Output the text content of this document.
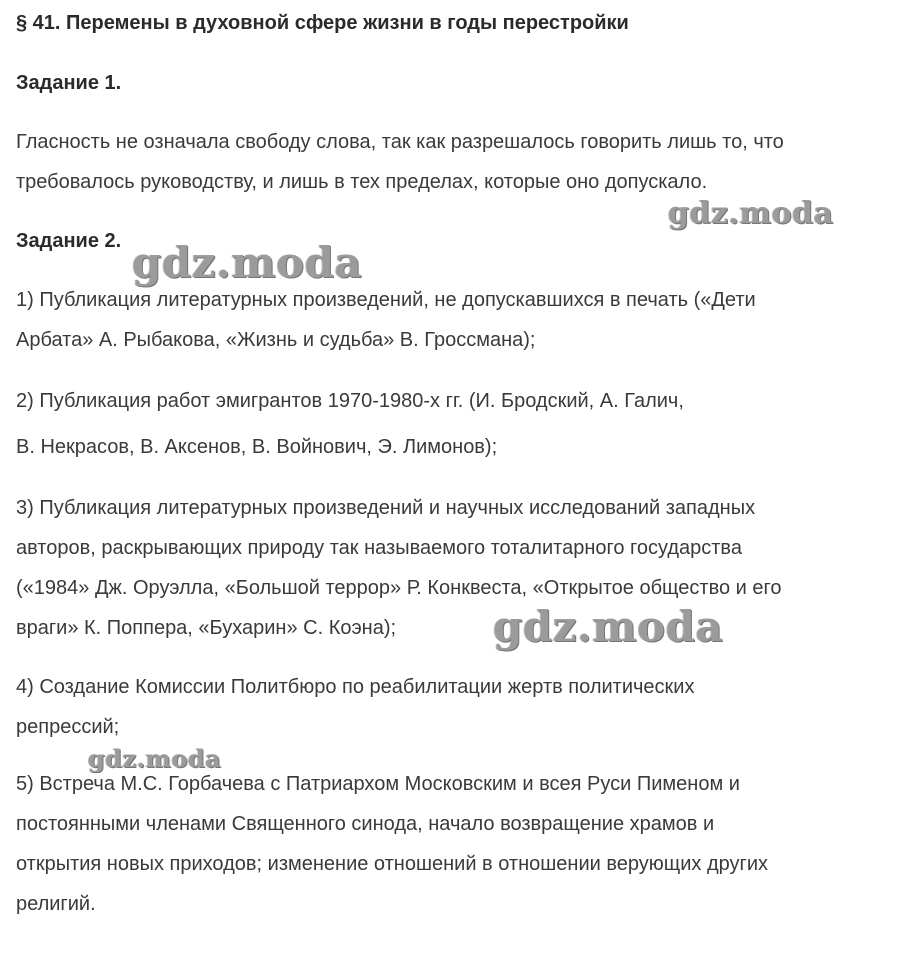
§ 41. Перемены в духовной сфере жизни в годы перестройки
Задание 1.

Гласность не означала свободу слова, так как разрешалось говорить лишь то, что
требовалось руководству, и лишь в тех пределах, которые оно допускало.

Задание 2.

1) Публикация литературных произведений, не допускавшихся в печать («Дети
Арбата» А. Рыбакова, «Жизнь и судьба» В. Гроссмана);

2) Публикация работ эмигрантов 1970-1980-х гг. (И. Бродский, А. Галич,
В. Некрасов, В. Аксенов, В. Войнович, Э. Лимонов);

3) Публикация литературных произведений и научных исследований западных
авторов, раскрывающих природу так называемого тоталитарного государства
(«1984» Дж. Оруэлла, «Большой террор» Р. Конквеста, «Открытое общество и его
враги» К. Поппера, «Бухарин» С. Коэна);

4) Создание Комиссии Политбюро по реабилитации жертв политических
репрессий;

5) Встреча М.С. Горбачева с Патриархом Московским и всея Руси Пименом и
постоянными членами Священного синода, начало возвращение храмов и
открытия новых приходов; изменение отношений в отношении верующих других
религий.

gdz.moda
gdz.moda
gdz.moda
gdz.moda
